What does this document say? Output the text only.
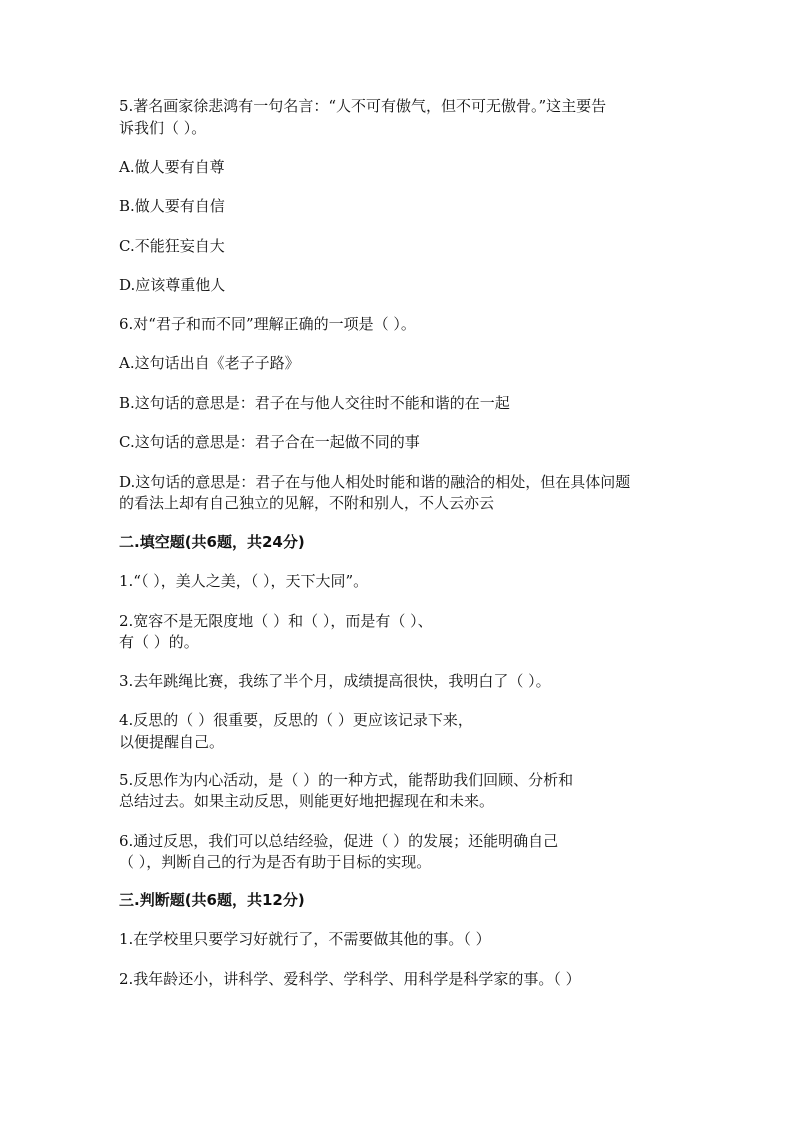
5.著名画家徐悲鸿有一句名言：“人不可有傲气，但不可无傲骨。”这主要告
诉我们（ ）。
A.做人要有自尊
B.做人要有自信
C.不能狂妄自大
D.应该尊重他人
6.对“君子和而不同”理解正确的一项是（ ）。
A.这句话出自《老子子路》
B.这句话的意思是：君子在与他人交往时不能和谐的在一起
C.这句话的意思是：君子合在一起做不同的事
D.这句话的意思是：君子在与他人相处时能和谐的融洽的相处，但在具体问题
的看法上却有自己独立的见解，不附和别人，不人云亦云
二.填空题(共6题，共24分)
1.“（ ），美人之美，（ ），天下大同”。
2.宽容不是无限度地（ ）和（ ），而是有（ ）、
有（ ）的。
3.去年跳绳比赛，我练了半个月，成绩提高很快，我明白了（ ）。
4.反思的（ ）很重要，反思的（ ）更应该记录下来，
以便提醒自己。
5.反思作为内心活动，是（ ）的一种方式，能帮助我们回顾、分析和
总结过去。如果主动反思，则能更好地把握现在和未来。
6.通过反思，我们可以总结经验，促进（ ）的发展；还能明确自己
（ ），判断自己的行为是否有助于目标的实现。
三.判断题(共6题，共12分)
1.在学校里只要学习好就行了，不需要做其他的事。（ ）
2.我年龄还小，讲科学、爱科学、学科学、用科学是科学家的事。（ ）
